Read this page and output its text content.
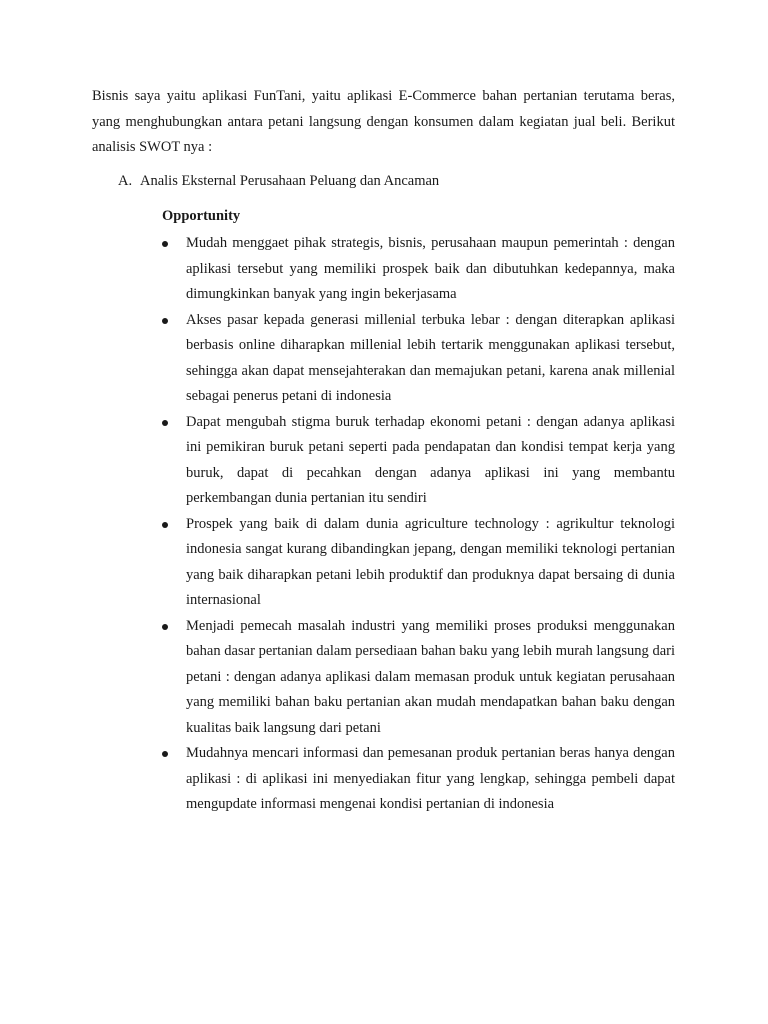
Bisnis saya yaitu aplikasi FunTani, yaitu aplikasi E-Commerce bahan pertanian terutama beras, yang menghubungkan antara petani langsung dengan konsumen dalam kegiatan jual beli. Berikut analisis SWOT nya :

A. Analis Eksternal Perusahaan Peluang dan Ancaman

Opportunity

Mudah menggaet pihak strategis, bisnis, perusahaan maupun pemerintah : dengan aplikasi tersebut yang memiliki prospek baik dan dibutuhkan kedepannya, maka dimungkinkan banyak yang ingin bekerjasama
Akses pasar kepada generasi millenial terbuka lebar : dengan diterapkan aplikasi berbasis online diharapkan millenial lebih tertarik menggunakan aplikasi tersebut, sehingga akan dapat mensejahterakan dan memajukan petani, karena anak millenial sebagai penerus petani di indonesia
Dapat mengubah stigma buruk terhadap ekonomi petani : dengan adanya aplikasi ini pemikiran buruk petani seperti pada pendapatan dan kondisi tempat kerja yang buruk, dapat di pecahkan dengan adanya aplikasi ini yang membantu perkembangan dunia pertanian itu sendiri
Prospek yang baik di dalam dunia agriculture technology : agrikultur teknologi indonesia sangat kurang dibandingkan jepang, dengan memiliki teknologi pertanian yang baik diharapkan petani lebih produktif dan produknya dapat bersaing di dunia internasional
Menjadi pemecah masalah industri yang memiliki proses produksi menggunakan bahan dasar pertanian dalam persediaan bahan baku yang lebih murah langsung dari petani : dengan adanya aplikasi dalam memasan produk untuk kegiatan perusahaan yang memiliki bahan baku pertanian akan mudah mendapatkan bahan baku dengan kualitas baik langsung dari petani
Mudahnya mencari informasi dan pemesanan produk pertanian beras hanya dengan aplikasi : di aplikasi ini menyediakan fitur yang lengkap, sehingga pembeli dapat mengupdate informasi mengenai kondisi pertanian di indonesia
